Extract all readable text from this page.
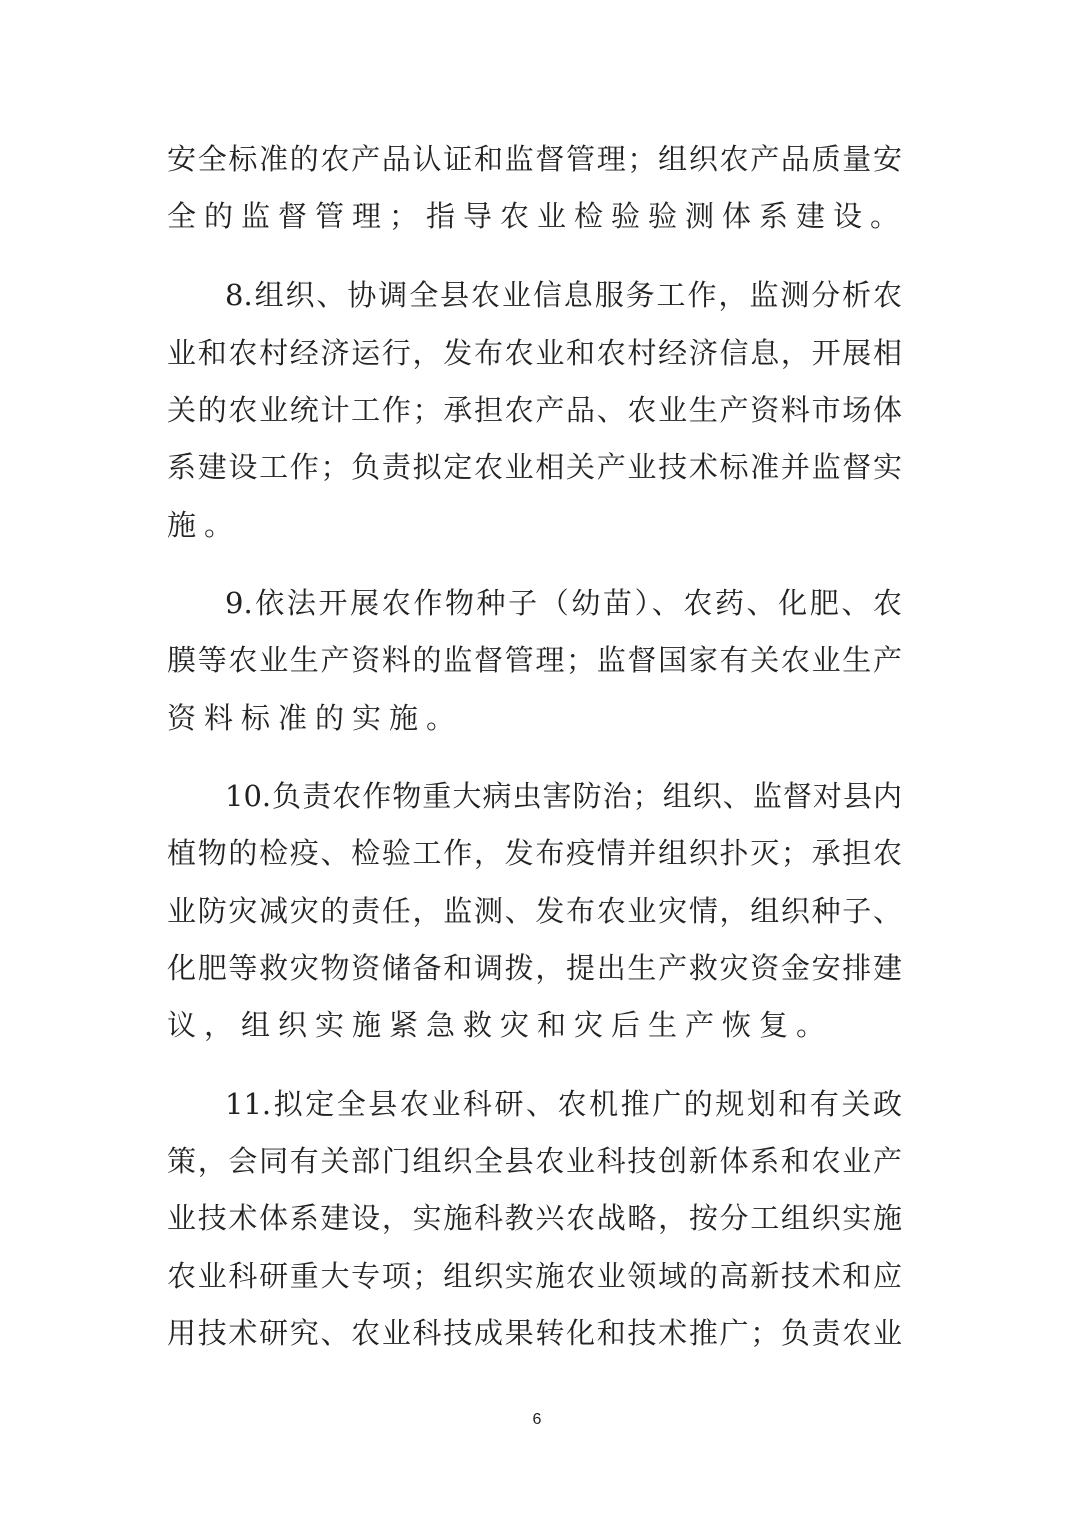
安全标准的农产品认证和监督管理；组织农产品质量安
全的监督管理；指导农业检验验测体系建设。
8.组织、协调全县农业信息服务工作，监测分析农
业和农村经济运行，发布农业和农村经济信息，开展相
关的农业统计工作；承担农产品、农业生产资料市场体
系建设工作；负责拟定农业相关产业技术标准并监督实
施。
9.依法开展农作物种子（幼苗）、农药、化肥、农
膜等农业生产资料的监督管理；监督国家有关农业生产
资料标准的实施。
10.负责农作物重大病虫害防治；组织、监督对县内
植物的检疫、检验工作，发布疫情并组织扑灭；承担农
业防灾减灾的责任，监测、发布农业灾情，组织种子、
化肥等救灾物资储备和调拨，提出生产救灾资金安排建
议，组织实施紧急救灾和灾后生产恢复。
11.拟定全县农业科研、农机推广的规划和有关政
策，会同有关部门组织全县农业科技创新体系和农业产
业技术体系建设，实施科教兴农战略，按分工组织实施
农业科研重大专项；组织实施农业领域的高新技术和应
用技术研究、农业科技成果转化和技术推广；负责农业
6
